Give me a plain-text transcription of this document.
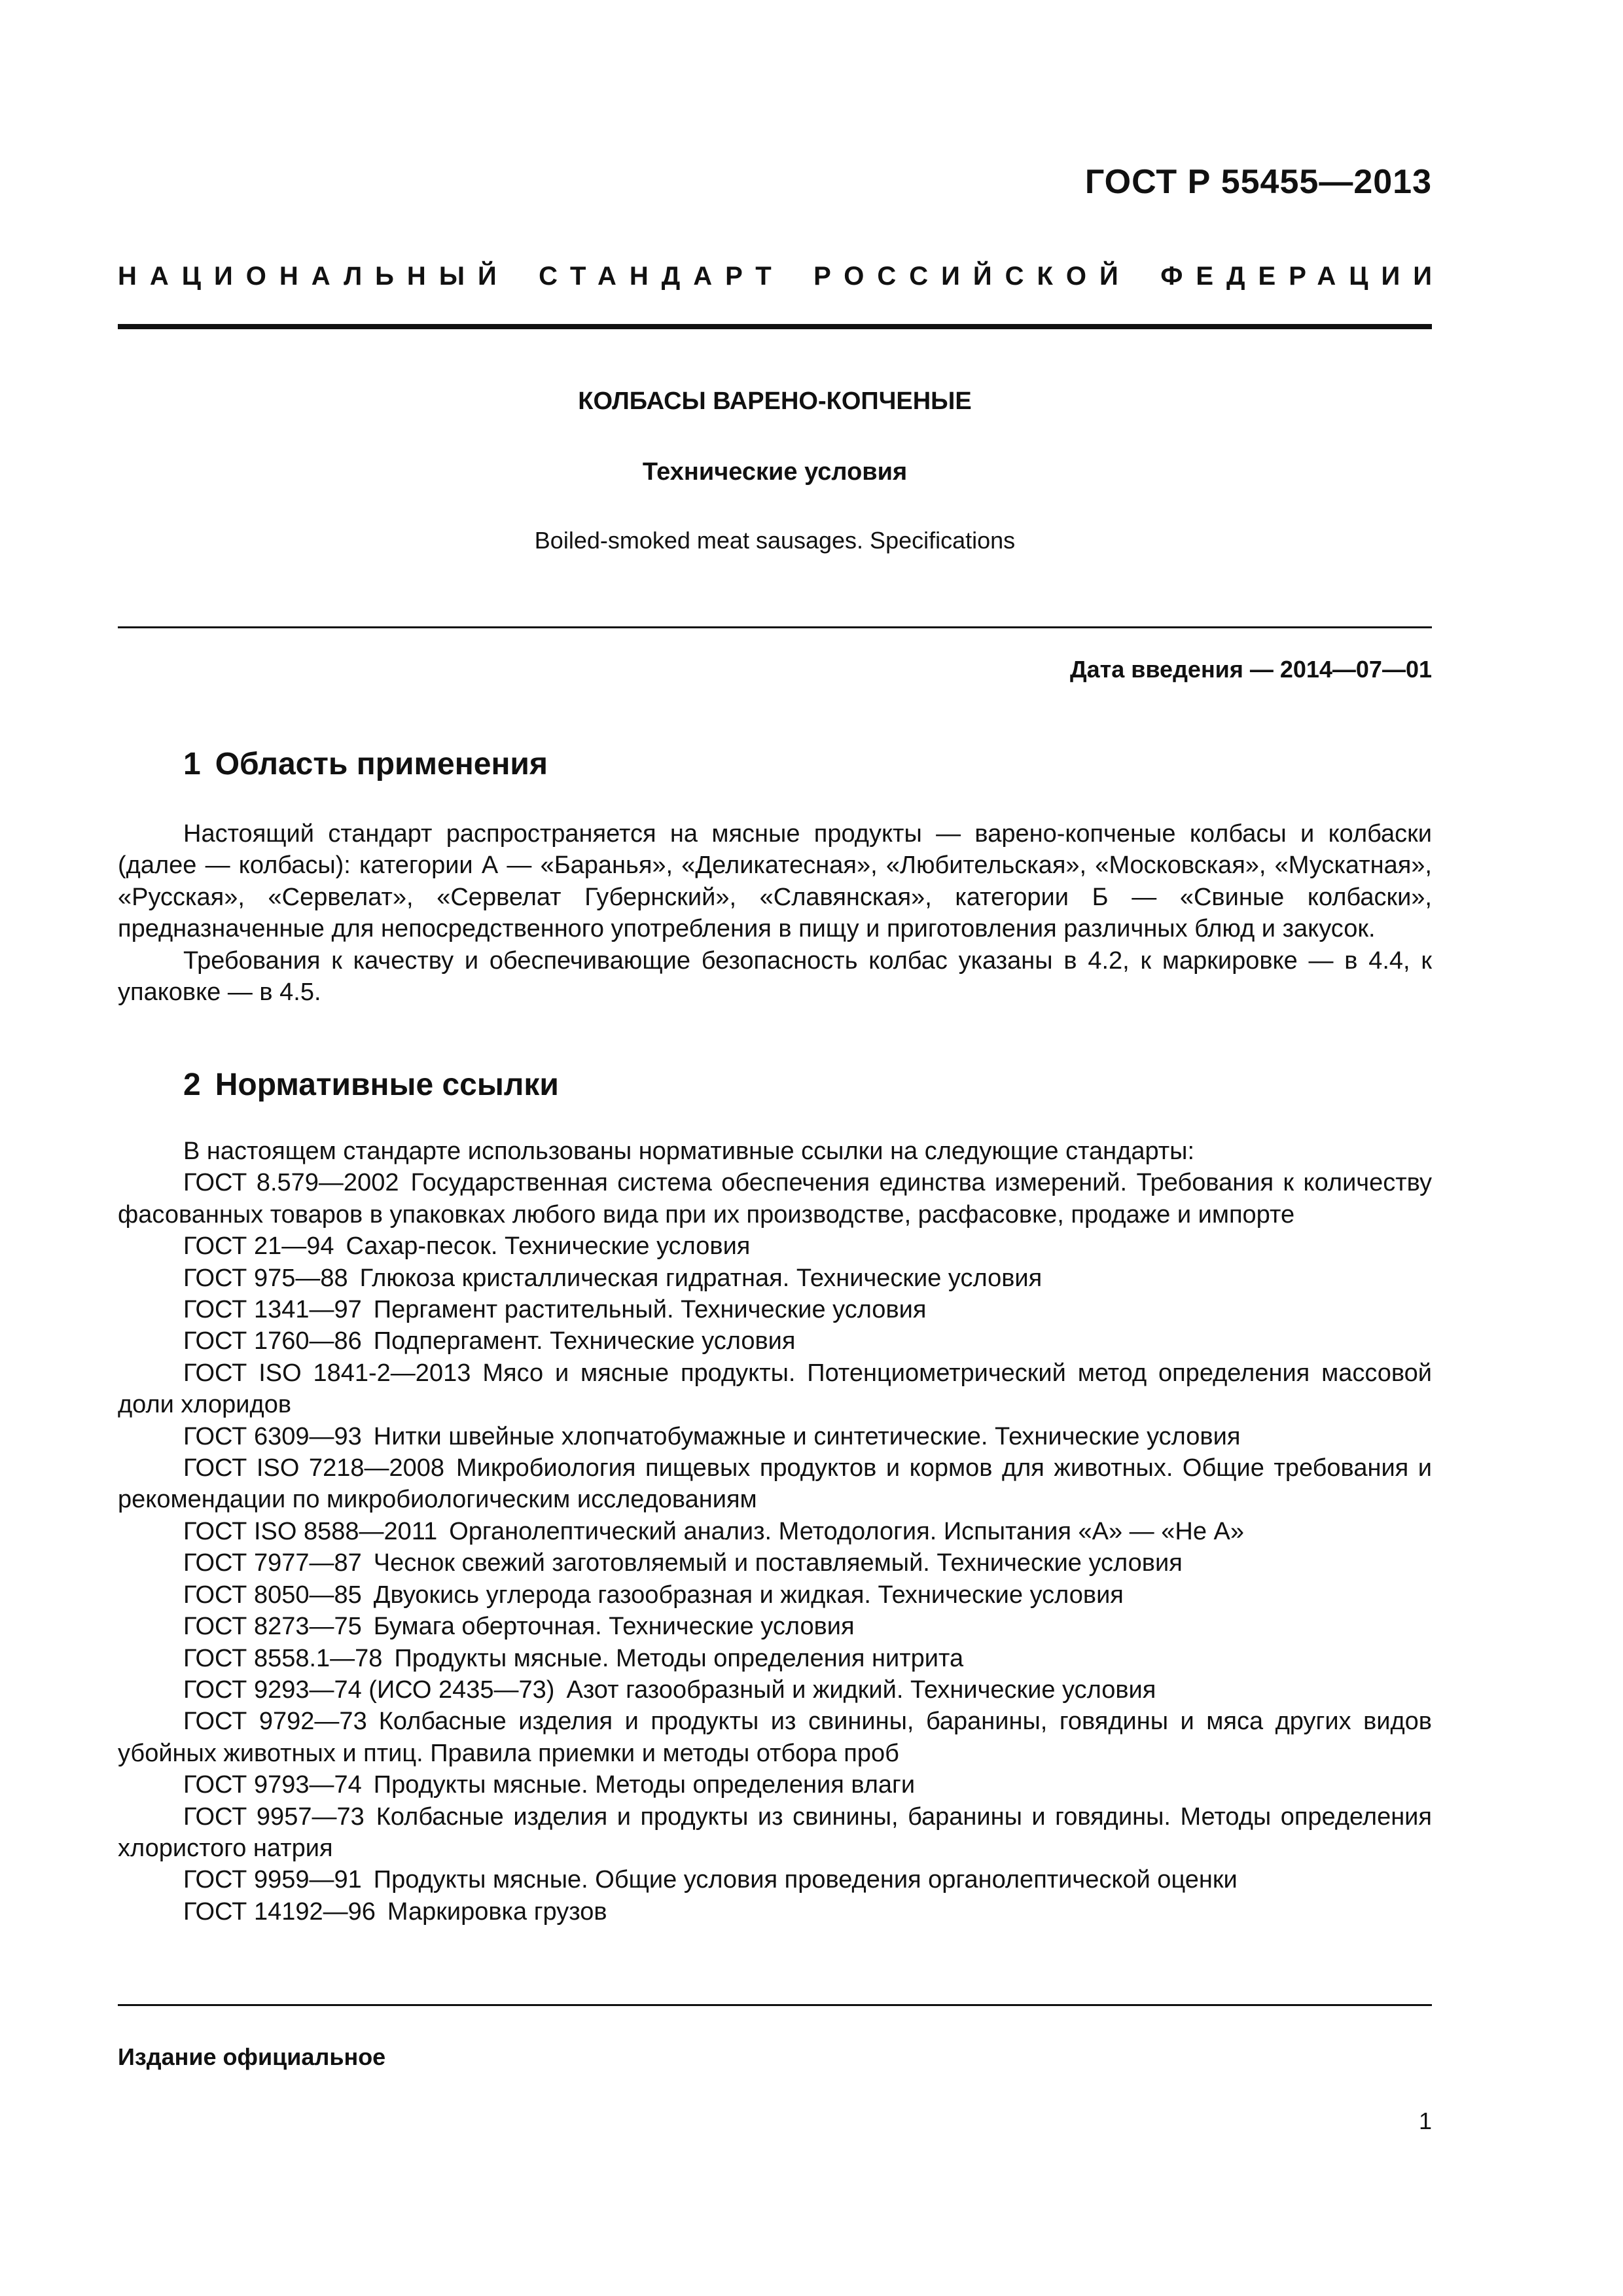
ГОСТ Р 55455—2013
НАЦИОНАЛЬНЫЙ СТАНДАРТ РОССИЙСКОЙ ФЕДЕРАЦИИ
КОЛБАСЫ ВАРЕНО-КОПЧЕНЫЕ
Технические условия
Boiled-smoked meat sausages. Specifications
Дата введения — 2014—07—01
1 Область применения

Настоящий стандарт распространяется на мясные продукты — варено-копченые колбасы и колбаски (далее — колбасы): категории А — «Баранья», «Деликатесная», «Любительская», «Московская», «Мускатная», «Русская», «Сервелат», «Сервелат Губернский», «Славянская», категории Б — «Свиные колбаски», предназначенные для непосредственного употребления в пищу и приготовления различных блюд и закусок.

Требования к качеству и обеспечивающие безопасность колбас указаны в 4.2, к маркировке — в 4.4, к упаковке — в 4.5.

2 Нормативные ссылки

В настоящем стандарте использованы нормативные ссылки на следующие стандарты:

ГОСТ 8.579—2002 Государственная система обеспечения единства измерений. Требования к количеству фасованных товаров в упаковках любого вида при их производстве, расфасовке, продаже и импорте

ГОСТ 21—94 Сахар-песок. Технические условия

ГОСТ 975—88 Глюкоза кристаллическая гидратная. Технические условия

ГОСТ 1341—97 Пергамент растительный. Технические условия

ГОСТ 1760—86 Подпергамент. Технические условия

ГОСТ ISO 1841-2—2013 Мясо и мясные продукты. Потенциометрический метод определения массовой доли хлоридов

ГОСТ 6309—93 Нитки швейные хлопчатобумажные и синтетические. Технические условия

ГОСТ ISO 7218—2008 Микробиология пищевых продуктов и кормов для животных. Общие требования и рекомендации по микробиологическим исследованиям

ГОСТ ISO 8588—2011 Органолептический анализ. Методология. Испытания «А» — «Не А»

ГОСТ 7977—87 Чеснок свежий заготовляемый и поставляемый. Технические условия

ГОСТ 8050—85 Двуокись углерода газообразная и жидкая. Технические условия

ГОСТ 8273—75 Бумага оберточная. Технические условия

ГОСТ 8558.1—78 Продукты мясные. Методы определения нитрита

ГОСТ 9293—74 (ИСО 2435—73) Азот газообразный и жидкий. Технические условия

ГОСТ 9792—73 Колбасные изделия и продукты из свинины, баранины, говядины и мяса других видов убойных животных и птиц. Правила приемки и методы отбора проб

ГОСТ 9793—74 Продукты мясные. Методы определения влаги

ГОСТ 9957—73 Колбасные изделия и продукты из свинины, баранины и говядины. Методы определения хлористого натрия

ГОСТ 9959—91 Продукты мясные. Общие условия проведения органолептической оценки

ГОСТ 14192—96 Маркировка грузов

Издание официальное
1
